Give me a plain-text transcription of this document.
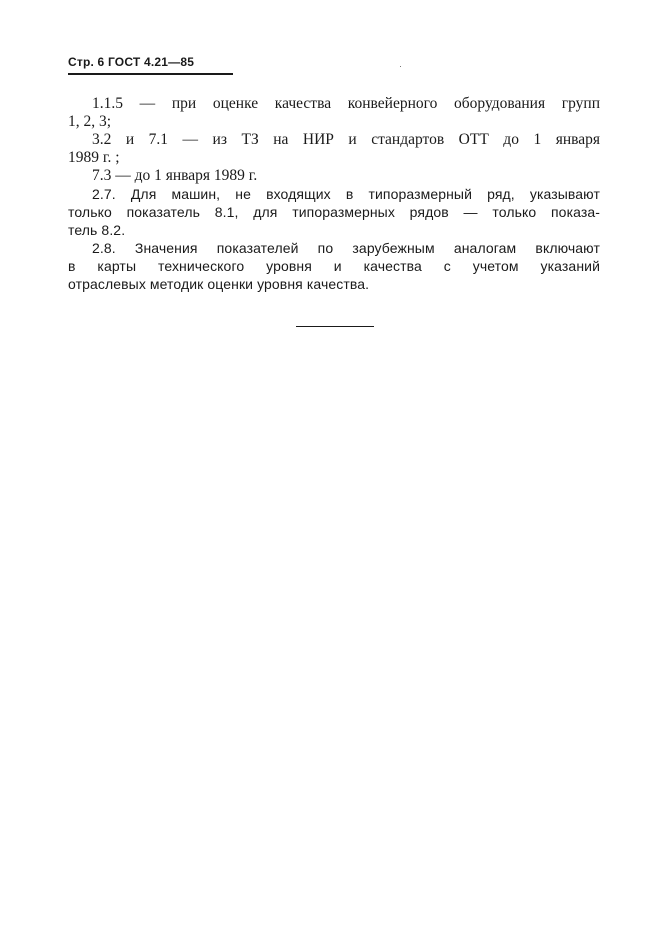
Стр. 6 ГОСТ 4.21—85
1.1.5 — при оценке качества конвейерного оборудования групп
1, 2, 3;
3.2 и 7.1 — из ТЗ на НИР и стандартов ОТТ до 1 января
1989 г. ;
7.3 — до 1 января 1989 г.
2.7. Для машин, не входящих в типоразмерный ряд, указывают
только показатель 8.1, для типоразмерных рядов — только показа-
тель 8.2.
2.8. Значения показателей по зарубежным аналогам включают
в карты технического уровня и качества с учетом указаний
отраслевых методик оценки уровня качества.
